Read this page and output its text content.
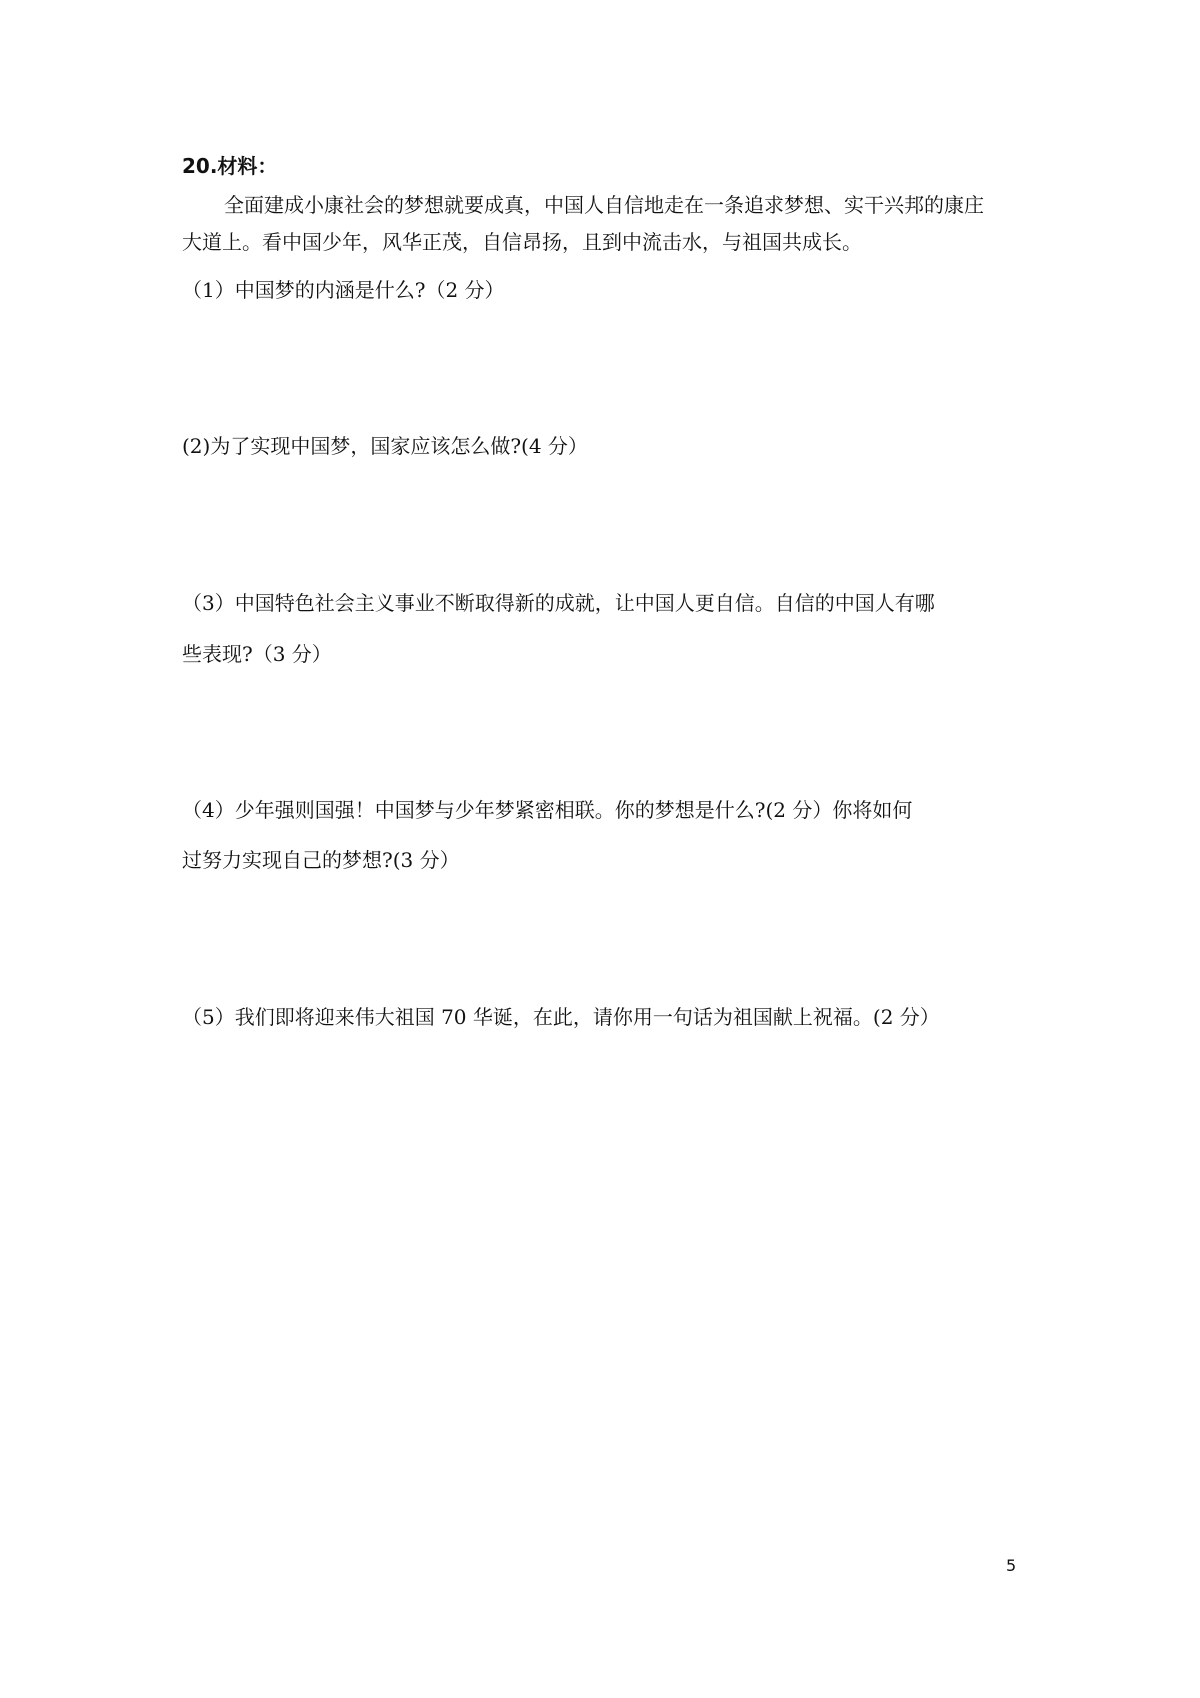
20.材料：
全面建成小康社会的梦想就要成真，中国人自信地走在一条追求梦想、实干兴邦的康庄
大道上。看中国少年，风华正茂，自信昂扬，且到中流击水，与祖国共成长。
（1）中国梦的内涵是什么?（2 分）
(2)为了实现中国梦，国家应该怎么做?(4 分）
（3）中国特色社会主义事业不断取得新的成就，让中国人更自信。自信的中国人有哪
些表现?（3 分）
（4）少年强则国强！中国梦与少年梦紧密相联。你的梦想是什么?(2 分）你将如何
过努力实现自己的梦想?(3 分）
（5）我们即将迎来伟大祖国 70 华诞，在此，请你用一句话为祖国献上祝福。(2 分）
5
